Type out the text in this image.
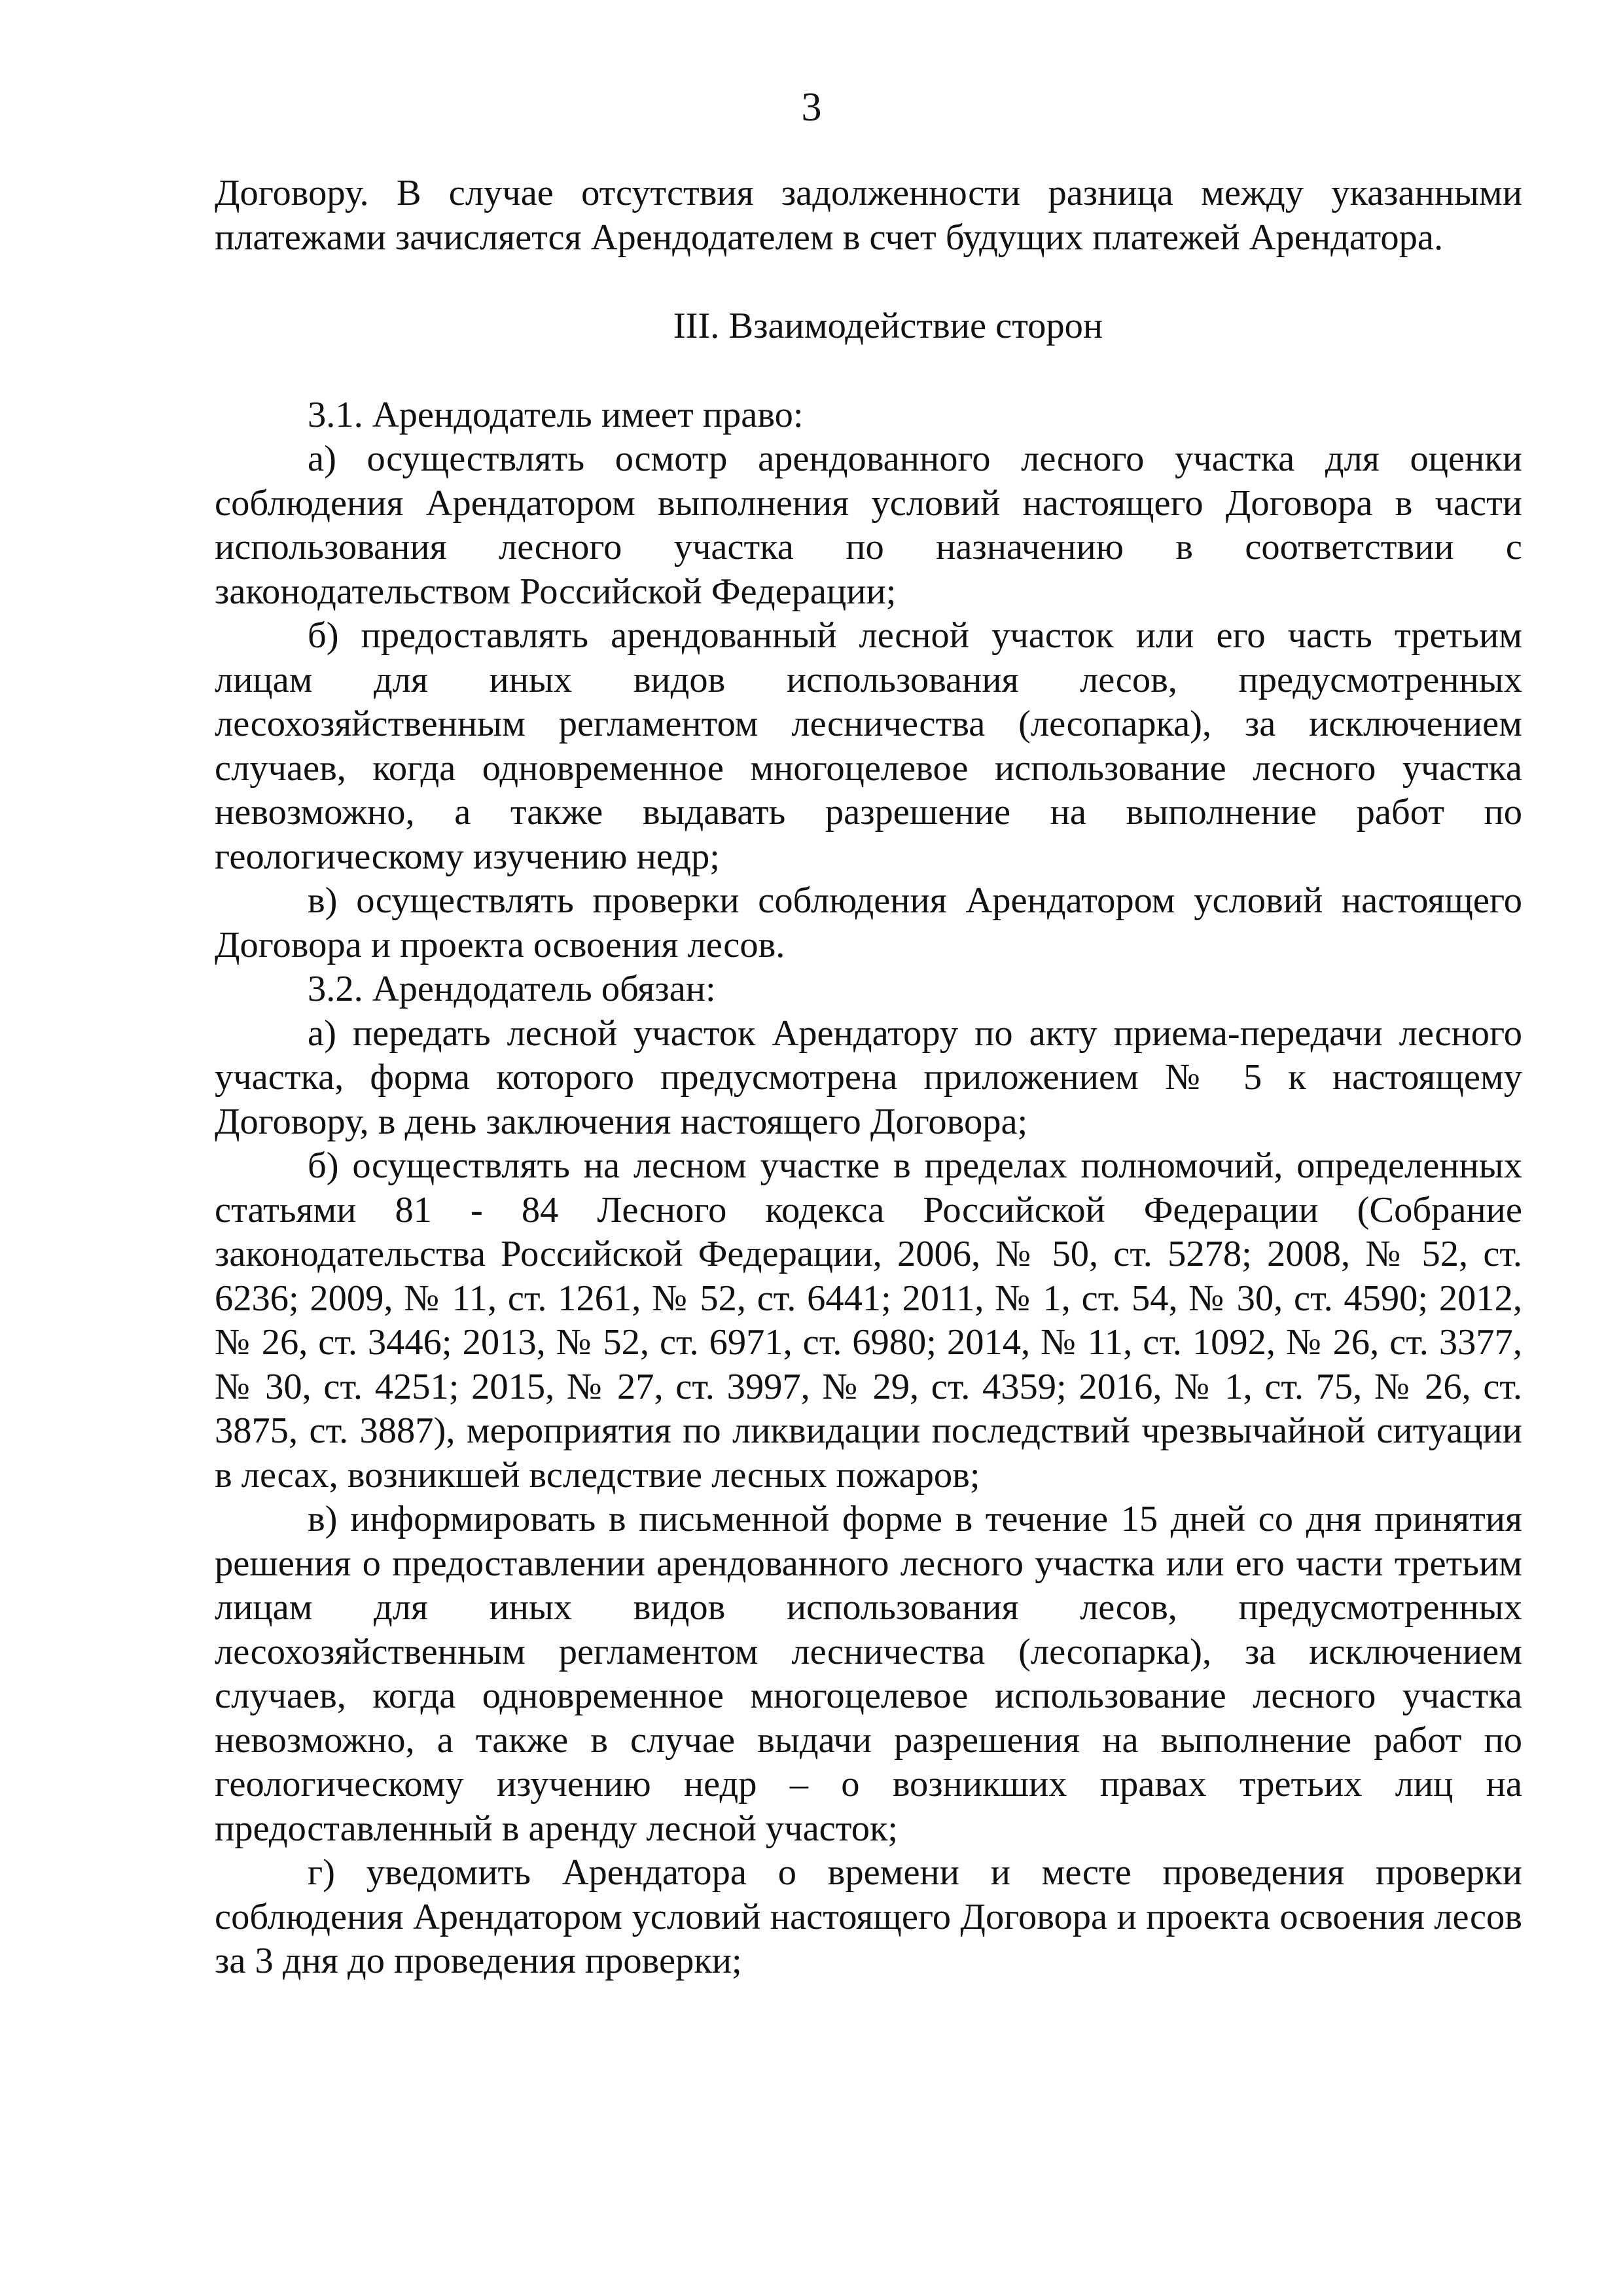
3

Договору. В случае отсутствия задолженности разница между указанными платежами зачисляется Арендодателем в счет будущих платежей Арендатора.

III. Взаимодействие сторон

3.1. Арендодатель имеет право:

а) осуществлять осмотр арендованного лесного участка для оценки соблюдения Арендатором выполнения условий настоящего Договора в части использования лесного участка по назначению в соответствии с законодательством Российской Федерации;

б) предоставлять арендованный лесной участок или его часть третьим лицам для иных видов использования лесов, предусмотренных лесохозяйственным регламентом лесничества (лесопарка), за исключением случаев, когда одновременное многоцелевое использование лесного участка невозможно, а также выдавать разрешение на выполнение работ по геологическому изучению недр;

в) осуществлять проверки соблюдения Арендатором условий настоящего Договора и проекта освоения лесов.

3.2. Арендодатель обязан:

а) передать лесной участок Арендатору по акту приема-передачи лесного участка, форма которого предусмотрена приложением № 5 к настоящему Договору, в день заключения настоящего Договора;

б) осуществлять на лесном участке в пределах полномочий, определенных статьями 81 - 84 Лесного кодекса Российской Федерации (Собрание законодательства Российской Федерации, 2006, № 50, ст. 5278; 2008, № 52, ст. 6236; 2009, № 11, ст. 1261, № 52, ст. 6441; 2011, № 1, ст. 54, № 30, ст. 4590; 2012, № 26, ст. 3446; 2013, № 52, ст. 6971, ст. 6980; 2014, № 11, ст. 1092, № 26, ст. 3377, № 30, ст. 4251; 2015, № 27, ст. 3997, № 29, ст. 4359; 2016, № 1, ст. 75, № 26, ст. 3875, ст. 3887), мероприятия по ликвидации последствий чрезвычайной ситуации в лесах, возникшей вследствие лесных пожаров;

в) информировать в письменной форме в течение 15 дней со дня принятия решения о предоставлении арендованного лесного участка или его части третьим лицам для иных видов использования лесов, предусмотренных лесохозяйственным регламентом лесничества (лесопарка), за исключением случаев, когда одновременное многоцелевое использование лесного участка невозможно, а также в случае выдачи разрешения на выполнение работ по геологическому изучению недр – о возникших правах третьих лиц на предоставленный в аренду лесной участок;

г) уведомить Арендатора о времени и месте проведения проверки соблюдения Арендатором условий настоящего Договора и проекта освоения лесов за 3 дня до проведения проверки;
